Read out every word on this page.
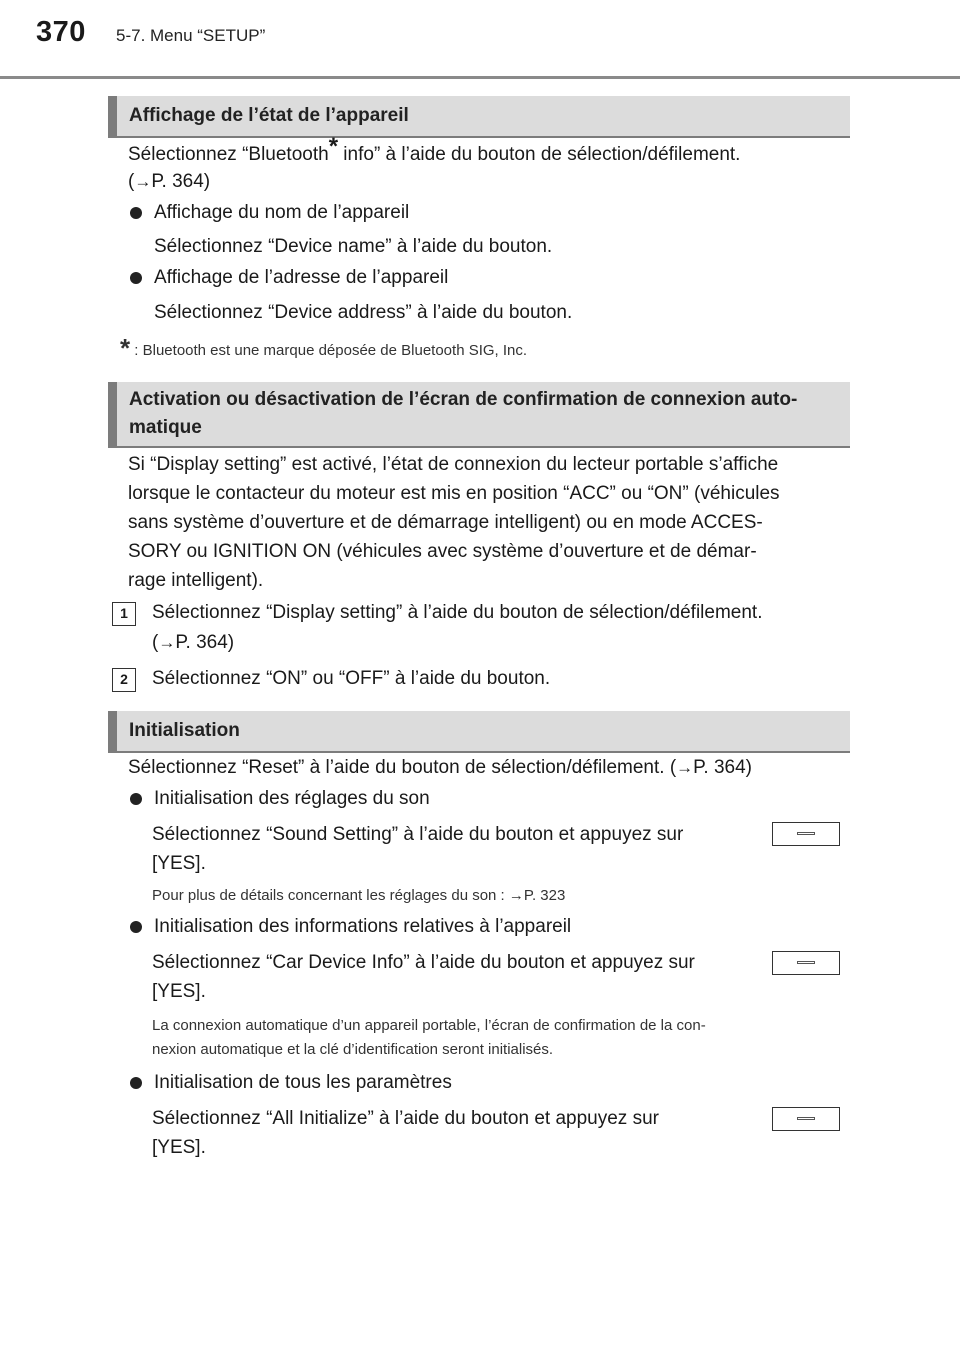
370 5-7. Menu “SETUP”
Affichage de l’état de l’appareil
Sélectionnez “Bluetooth* info” à l’aide du bouton de sélection/défilement.
(→P. 364)
Affichage du nom de l’appareil
Sélectionnez “Device name” à l’aide du bouton.
Affichage de l’adresse de l’appareil
Sélectionnez “Device address” à l’aide du bouton.
* : Bluetooth est une marque déposée de Bluetooth SIG, Inc.
Activation ou désactivation de l’écran de confirmation de connexion auto-
matique
Si “Display setting” est activé, l’état de connexion du lecteur portable s’affiche
lorsque le contacteur du moteur est mis en position “ACC” ou “ON” (véhicules
sans système d’ouverture et de démarrage intelligent) ou en mode ACCES-
SORY ou IGNITION ON (véhicules avec système d’ouverture et de démar-
rage intelligent).
1	Sélectionnez “Display setting” à l’aide du bouton de sélection/défilement.
(→P. 364)
2	Sélectionnez “ON” ou “OFF” à l’aide du bouton.
Initialisation
Sélectionnez “Reset” à l’aide du bouton de sélection/défilement. (→P. 364)
Initialisation des réglages du son
Sélectionnez “Sound Setting” à l’aide du bouton et appuyez sur
[YES].
Pour plus de détails concernant les réglages du son : →P. 323
Initialisation des informations relatives à l’appareil
Sélectionnez “Car Device Info” à l’aide du bouton et appuyez sur
[YES].
La connexion automatique d’un appareil portable, l’écran de confirmation de la con-
nexion automatique et la clé d’identification seront initialisés.
Initialisation de tous les paramètres
Sélectionnez “All Initialize” à l’aide du bouton et appuyez sur
[YES].
